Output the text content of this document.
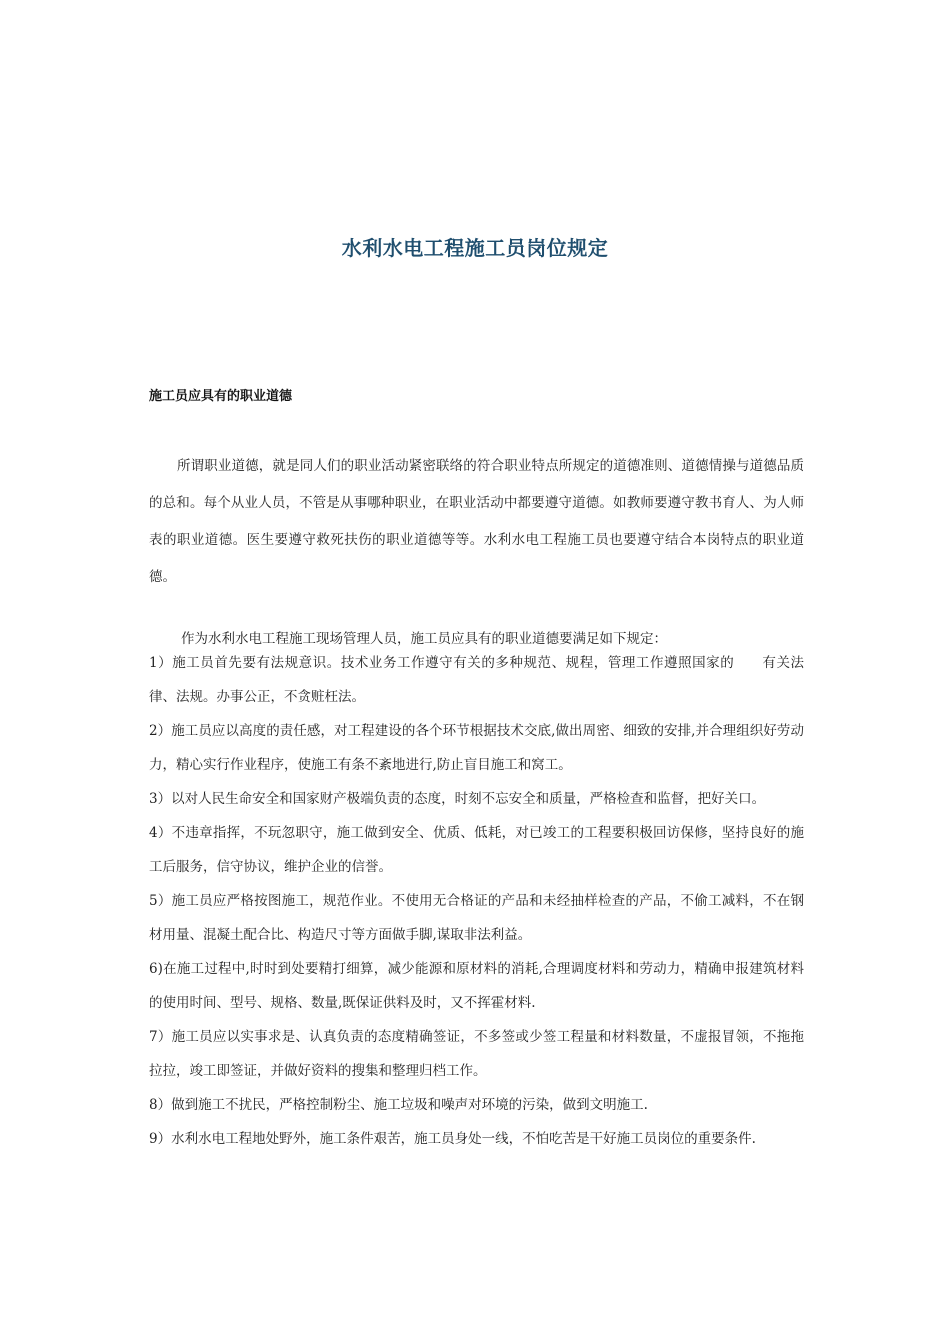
水利水电工程施工员岗位规定
施工员应具有的职业道德

所谓职业道德，就是同人们的职业活动紧密联络的符合职业特点所规定的道德准则、道德情操与道德品质的总和。每个从业人员，不管是从事哪种职业，在职业活动中都要遵守道德。如教师要遵守教书育人、为人师表的职业道德。医生要遵守救死扶伤的职业道德等等。水利水电工程施工员也要遵守结合本岗特点的职业道德。

作为水利水电工程施工现场管理人员，施工员应具有的职业道德要满足如下规定：

1）施工员首先要有法规意识。技术业务工作遵守有关的多种规范、规程，管理工作遵照国家的　　有关法律、法规。办事公正，不贪赃枉法。
2）施工员应以高度的责任感，对工程建设的各个环节根据技术交底,做出周密、细致的安排,并合理组织好劳动力，精心实行作业程序，使施工有条不紊地进行,防止盲目施工和窝工。
3）以对人民生命安全和国家财产极端负责的态度，时刻不忘安全和质量，严格检查和监督，把好关口。
4）不违章指挥，不玩忽职守，施工做到安全、优质、低耗，对已竣工的工程要积极回访保修，坚持良好的施工后服务，信守协议，维护企业的信誉。
5）施工员应严格按图施工，规范作业。不使用无合格证的产品和未经抽样检查的产品，不偷工减料，不在钢材用量、混凝土配合比、构造尺寸等方面做手脚,谋取非法利益。
6)在施工过程中,时时到处要精打细算，减少能源和原材料的消耗,合理调度材料和劳动力，精确申报建筑材料的使用时间、型号、规格、数量,既保证供料及时，又不挥霍材料.
7）施工员应以实事求是、认真负责的态度精确签证，不多签或少签工程量和材料数量，不虚报冒领，不拖拖拉拉，竣工即签证，并做好资料的搜集和整理归档工作。
8）做到施工不扰民，严格控制粉尘、施工垃圾和噪声对环境的污染，做到文明施工.
9）水利水电工程地处野外，施工条件艰苦，施工员身处一线，不怕吃苦是干好施工员岗位的重要条件.
